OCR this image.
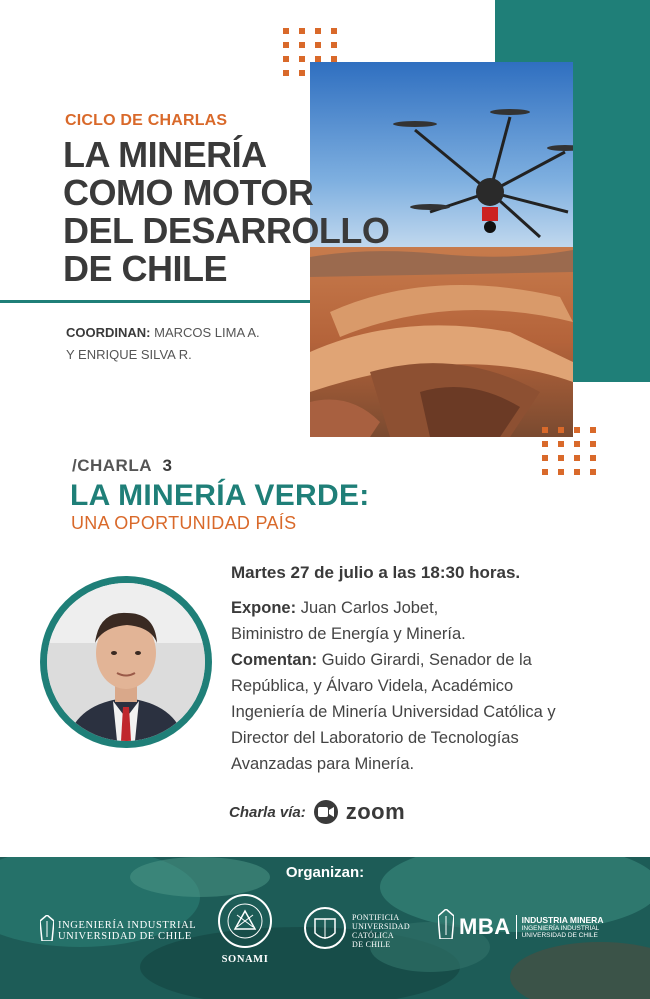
CICLO DE CHARLAS
LA MINERÍA
COMO MOTOR
DEL DESARROLLO
DE CHILE
COORDINAN: MARCOS LIMA A.
Y ENRIQUE SILVA R.
/CHARLA 3
LA MINERÍA VERDE:
UNA OPORTUNIDAD PAÍS
Martes 27 de julio a las 18:30 horas.
Expone: Juan Carlos Jobet,
Biministro de Energía y Minería.
Comentan: Guido Girardi, Senador de la
República, y Álvaro Videla, Académico
Ingeniería de Minería Universidad Católica y
Director del Laboratorio de Tecnologías
Avanzadas para Minería.
Charla vía: zoom
Organizan:
INGENIERÍA INDUSTRIAL
UNIVERSIDAD DE CHILE
SONAMI
PONTIFICIA
UNIVERSIDAD
CATÓLICA
DE CHILE
MBA INDUSTRIA MINERA
INGENIERÍA INDUSTRIAL
UNIVERSIDAD DE CHILE
